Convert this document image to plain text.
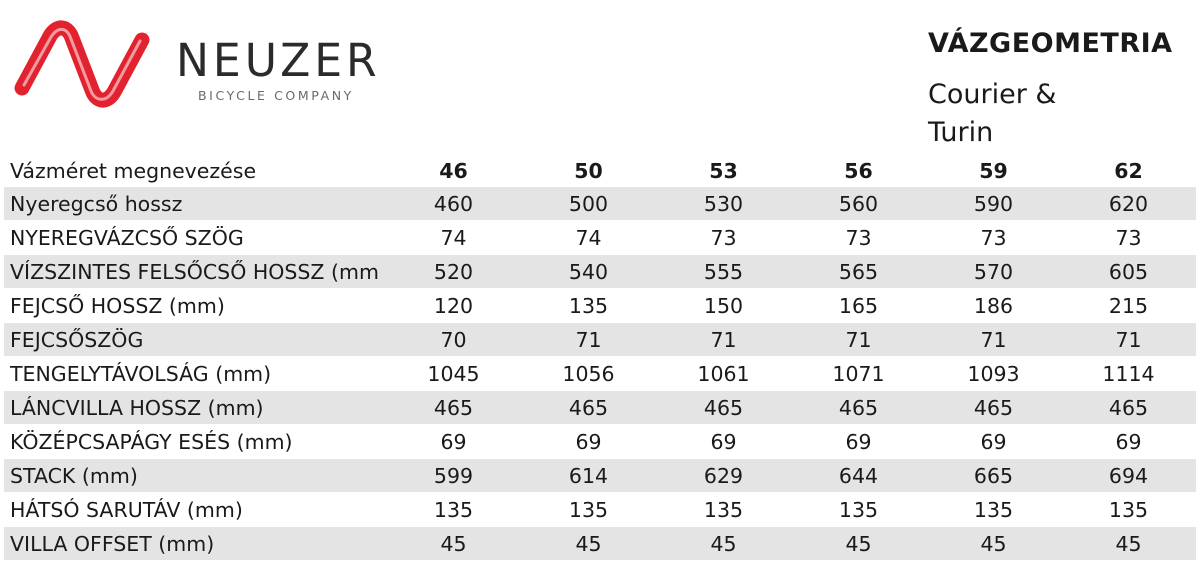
NEUZER
BICYCLE COMPANY
VÁZGEOMETRIA
Courier & Turin
Vázméret megnevezése	46	50	53	56	59	62
Nyeregcső hossz	460	500	530	560	590	620
NYEREGVÁZCSŐ SZÖG	74	74	73	73	73	73
VÍZSZINTES FELSŐCSŐ HOSSZ (mm	520	540	555	565	570	605
FEJCSŐ HOSSZ (mm)	120	135	150	165	186	215
FEJCSŐSZÖG	70	71	71	71	71	71
TENGELYTÁVOLSÁG (mm)	1045	1056	1061	1071	1093	1114
LÁNCVILLA HOSSZ (mm)	465	465	465	465	465	465
KÖZÉPCSAPÁGY ESÉS (mm)	69	69	69	69	69	69
STACK (mm)	599	614	629	644	665	694
HÁTSÓ SARUTÁV (mm)	135	135	135	135	135	135
VILLA OFFSET (mm)	45	45	45	45	45	45
